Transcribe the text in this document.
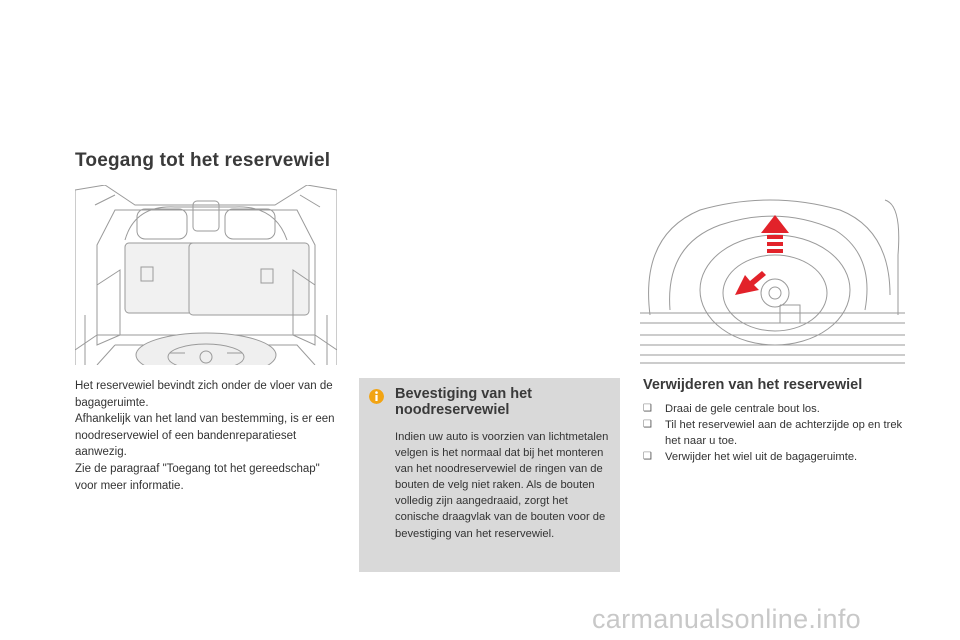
Toegang tot het reservewiel

Het reservewiel bevindt zich onder de vloer van de bagageruimte.

Afhankelijk van het land van bestemming, is er een noodreservewiel of een bandenreparatieset aanwezig.

Zie de paragraaf "Toegang tot het gereedschap" voor meer informatie.

Bevestiging van het noodreservewiel
Indien uw auto is voorzien van lichtmetalen velgen is het normaal dat bij het monteren van het noodreservewiel de ringen van de bouten de velg niet raken. Als de bouten volledig zijn aangedraaid, zorgt het conische draagvlak van de bouten voor de bevestiging van het reservewiel.
Verwijderen van het reservewiel
❑ Draai de gele centrale bout los.
❑ Til het reservewiel aan de achterzijde op en trek het naar u toe.
❑ Verwijder het wiel uit de bagageruimte.
carmanualsonline.info
